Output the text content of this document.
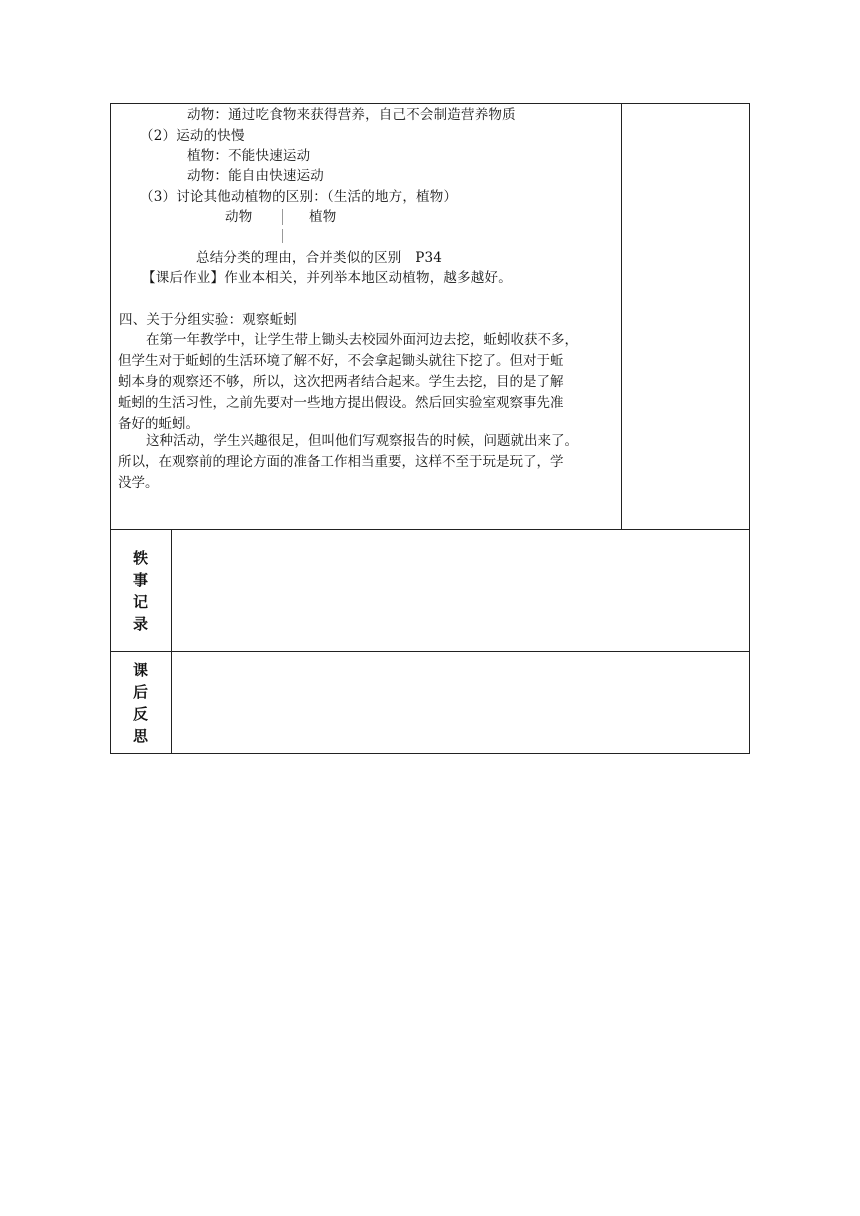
动物：通过吃食物来获得营养，自己不会制造营养物质
（2）运动的快慢
植物：不能快速运动
动物：能自由快速运动
（3）讨论其他动植物的区别：（生活的地方，植物）
动物	植物
总结分类的理由，合并类似的区别　P34
【课后作业】作业本相关，并列举本地区动植物，越多越好。
四、关于分组实验：观察蚯蚓
在第一年教学中，让学生带上锄头去校园外面河边去挖，蚯蚓收获不多，
但学生对于蚯蚓的生活环境了解不好，不会拿起锄头就往下挖了。但对于蚯
蚓本身的观察还不够，所以，这次把两者结合起来。学生去挖，目的是了解
蚯蚓的生活习性，之前先要对一些地方提出假设。然后回实验室观察事先准
备好的蚯蚓。
这种活动，学生兴趣很足，但叫他们写观察报告的时候，问题就出来了。
所以，在观察前的理论方面的准备工作相当重要，这样不至于玩是玩了，学
没学。
轶
事
记
录
课
后
反
思
